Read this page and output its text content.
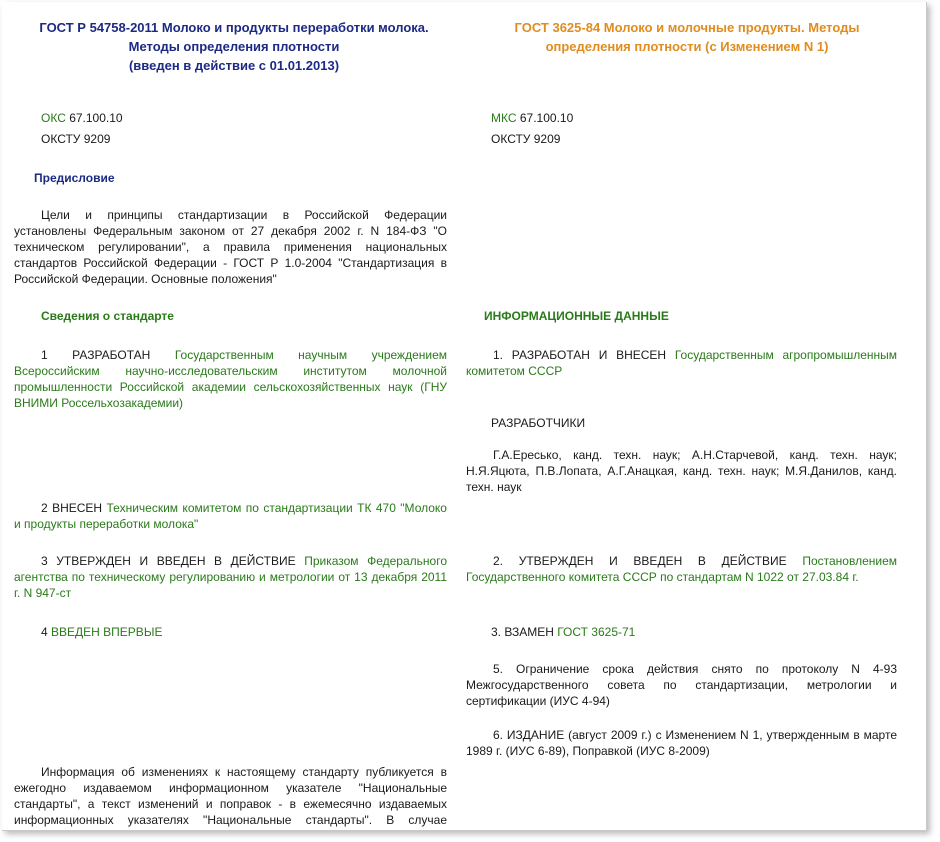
ГОСТ Р 54758-2011 Молоко и продукты переработки молока.
Методы определения плотности
(введен в действие с 01.01.2013)
ОКС 67.100.10
ОКСТУ 9209
Предисловие
Цели и принципы стандартизации в Российской Федерации установлены Федеральным законом от 27 декабря 2002 г. N 184-ФЗ "О техническом регулировании", а правила применения национальных стандартов Российской Федерации - ГОСТ Р 1.0-2004 "Стандартизация в Российской Федерации. Основные положения"
Сведения о стандарте
1 РАЗРАБОТАН Государственным научным учреждением Всероссийским научно-исследовательским институтом молочной промышленности Российской академии сельскохозяйственных наук (ГНУ ВНИМИ Россельхозакадемии)
2 ВНЕСЕН Техническим комитетом по стандартизации ТК 470 "Молоко и продукты переработки молока"
3 УТВЕРЖДЕН И ВВЕДЕН В ДЕЙСТВИЕ Приказом Федерального агентства по техническому регулированию и метрологии от 13 декабря 2011 г. N 947-ст
4 ВВЕДЕН ВПЕРВЫЕ
Информация об изменениях к настоящему стандарту публикуется в ежегодно издаваемом информационном указателе "Национальные стандарты", а текст изменений и поправок - в ежемесячно издаваемых информационных указателях "Национальные стандарты". В случае
ГОСТ 3625-84 Молоко и молочные продукты. Методы
определения плотности (с Изменением N 1)
МКС 67.100.10
ОКСТУ 9209
ИНФОРМАЦИОННЫЕ ДАННЫЕ
1. РАЗРАБОТАН И ВНЕСЕН Государственным агропромышленным комитетом СССР
РАЗРАБОТЧИКИ
Г.А.Ересько, канд. техн. наук; А.Н.Старчевой, канд. техн. наук; Н.Я.Яцюта, П.В.Лопата, А.Г.Анацкая, канд. техн. наук; М.Я.Данилов, канд. техн. наук
2. УТВЕРЖДЕН И ВВЕДЕН В ДЕЙСТВИЕ Постановлением Государственного комитета СССР по стандартам N 1022 от 27.03.84 г.
3. ВЗАМЕН ГОСТ 3625-71
5. Ограничение срока действия снято по протоколу N 4-93 Межгосударственного совета по стандартизации, метрологии и сертификации (ИУС 4-94)
6. ИЗДАНИЕ (август 2009 г.) с Изменением N 1, утвержденным в марте 1989 г. (ИУС 6-89), Поправкой (ИУС 8-2009)
